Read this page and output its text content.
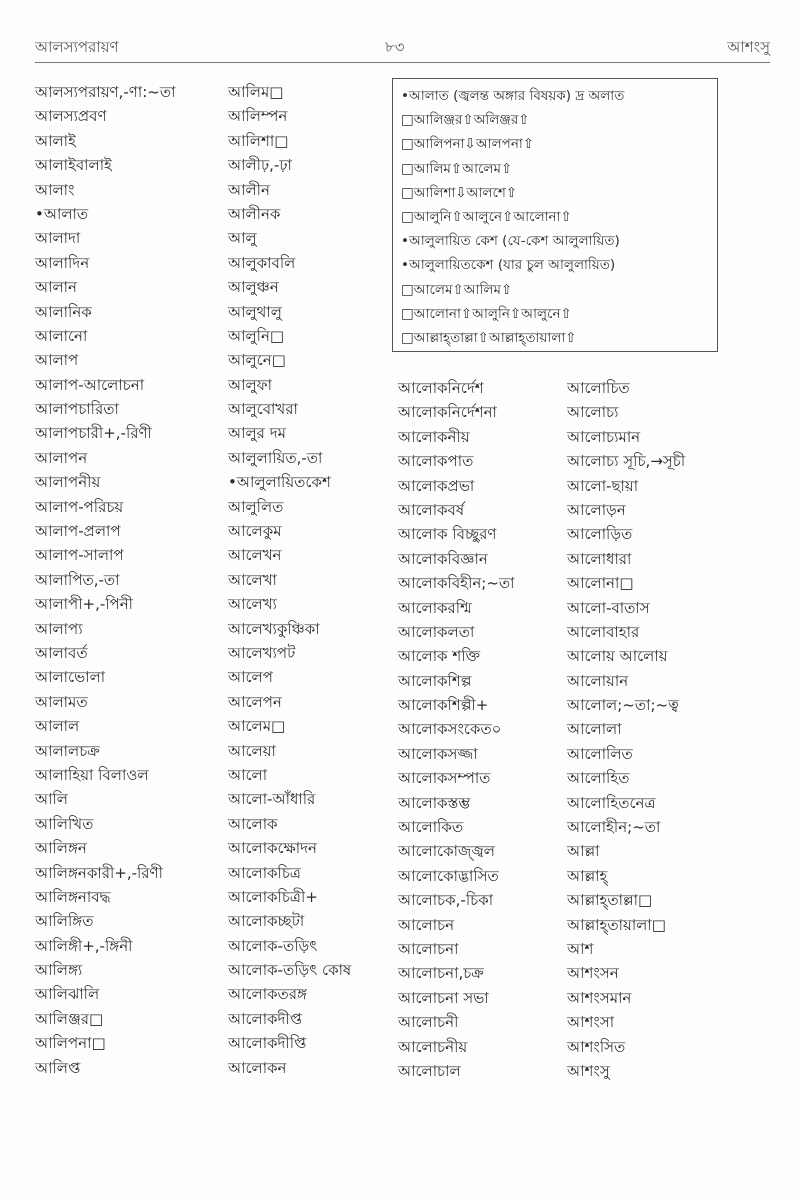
আলস্যপরায়ণ	৮৩	আশংসু
আলস্যপরায়ণ,-ণা:~তা
আলস্যপ্রবণ
আলাই
আলাইবালাই
আলাং
•আলাত
আলাদা
আলাদিন
আলান
আলানিক
আলানো
আলাপ
আলাপ-আলোচনা
আলাপচারিতা
আলাপচারী+,-রিণী
আলাপন
আলাপনীয়
আলাপ-পরিচয়
আলাপ-প্রলাপ
আলাপ-সালাপ
আলাপিত,-তা
আলাপী+,-পিনী
আলাপ্য
আলাবর্ত
আলাভোলা
আলামত
আলাল
আলালচক্র
আলাহিয়া বিলাওল
আলি
আলিখিত
আলিঙ্গন
আলিঙ্গনকারী+,-রিণী
আলিঙ্গনাবদ্ধ
আলিঙ্গিত
আলিঙ্গী+,-ঙ্গিনী
আলিঙ্গ্য
আলিঝালি
আলিঞ্জর□
আলিপনা□
আলিপ্ত
আলিম□
আলিম্পন
আলিশা□
আলীঢ়,-ঢ়া
আলীন
আলীনক
আলু
আলুকাবলি
আলুঞ্চন
আলুথালু
আলুনি□
আলুনে□
আলুফা
আলুবোখরা
আলুর দম
আলুলায়িত,-তা
•আলুলায়িতকেশ
আলুলিত
আলেকুম
আলেখন
আলেখা
আলেখ্য
আলেখ্যকুঞ্চিকা
আলেখ্যপট
আলেপ
আলেপন
আলেম□
আলেয়া
আলো
আলো-আঁধারি
আলোক
আলোকক্ষোদন
আলোকচিত্র
আলোকচিত্রী+
আলোকচ্ছটা
আলোক-তড়িৎ
আলোক-তড়িৎ কোষ
আলোকতরঙ্গ
আলোকদীপ্ত
আলোকদীপ্তি
আলোকন
•আলাত (জ্বলন্ত অঙ্গার বিষয়ক) দ্র অলাত
□আলিঞ্জর⇧অলিঞ্জর⇧
□আলিপনা⇩আলপনা⇧
□আলিম⇧আলেম⇧
□আলিশা⇩আলশে⇧
□আলুনি⇧আলুনে⇧আলোনা⇧
•আলুলায়িত কেশ (যে-কেশ আলুলায়িত)
•আলুলায়িতকেশ (যার চুল আলুলায়িত)
□আলেম⇧আলিম⇧
□আলোনা⇧আলুনি⇧আলুনে⇧
□আল্লাহ্তাল্লা⇧আল্লাহ্তায়ালা⇧
আলোকনির্দেশ
আলোকনির্দেশনা
আলোকনীয়
আলোকপাত
আলোকপ্রভা
আলোকবর্ষ
আলোক বিচ্ছুরণ
আলোকবিজ্ঞান
আলোকবিহীন;~তা
আলোকরশ্মি
আলোকলতা
আলোক শক্তি
আলোকশিল্প
আলোকশিল্পী+
আলোকসংকেত০
আলোকসজ্জা
আলোকসম্পাত
আলোকস্তম্ভ
আলোকিত
আলোকোজ্জ্বল
আলোকোদ্ভাসিত
আলোচক,-চিকা
আলোচন
আলোচনা
আলোচনা,চক্র
আলোচনা সভা
আলোচনী
আলোচনীয়
আলোচাল
আলোচিত
আলোচ্য
আলোচ্যমান
আলোচ্য সূচি,→সূচী
আলো-ছায়া
আলোড়ন
আলোড়িত
আলোধারা
আলোনা□
আলো-বাতাস
আলোবাহার
আলোয় আলোয়
আলোয়ান
আলোল;~তা;~ত্ব
আলোলা
আলোলিত
আলোহিত
আলোহিতনেত্র
আলোহীন;~তা
আল্লা
আল্লাহ্
আল্লাহ্তাল্লা□
আল্লাহ্তায়ালা□
আশ
আশংসন
আশংসমান
আশংসা
আশংসিত
আশংসু
